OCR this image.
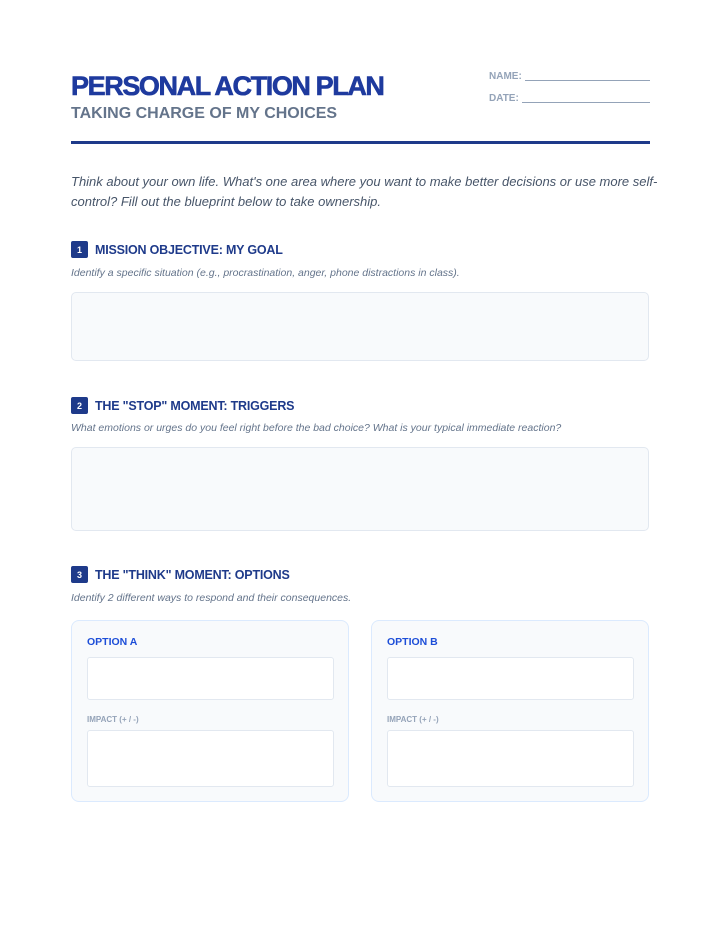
PERSONAL ACTION PLAN
TAKING CHARGE OF MY CHOICES
NAME:
DATE:

Think about your own life. What's one area where you want to make better decisions or use more self-control? Fill out the blueprint below to take ownership.

1	MISSION OBJECTIVE: MY GOAL

Identify a specific situation (e.g., procrastination, anger, phone distractions in class).

2	THE "STOP" MOMENT: TRIGGERS

What emotions or urges do you feel right before the bad choice? What is your typical immediate reaction?

3	THE "THINK" MOMENT: OPTIONS

Identify 2 different ways to respond and their consequences.

OPTION A
IMPACT (+ / -)
OPTION B
IMPACT (+ / -)
